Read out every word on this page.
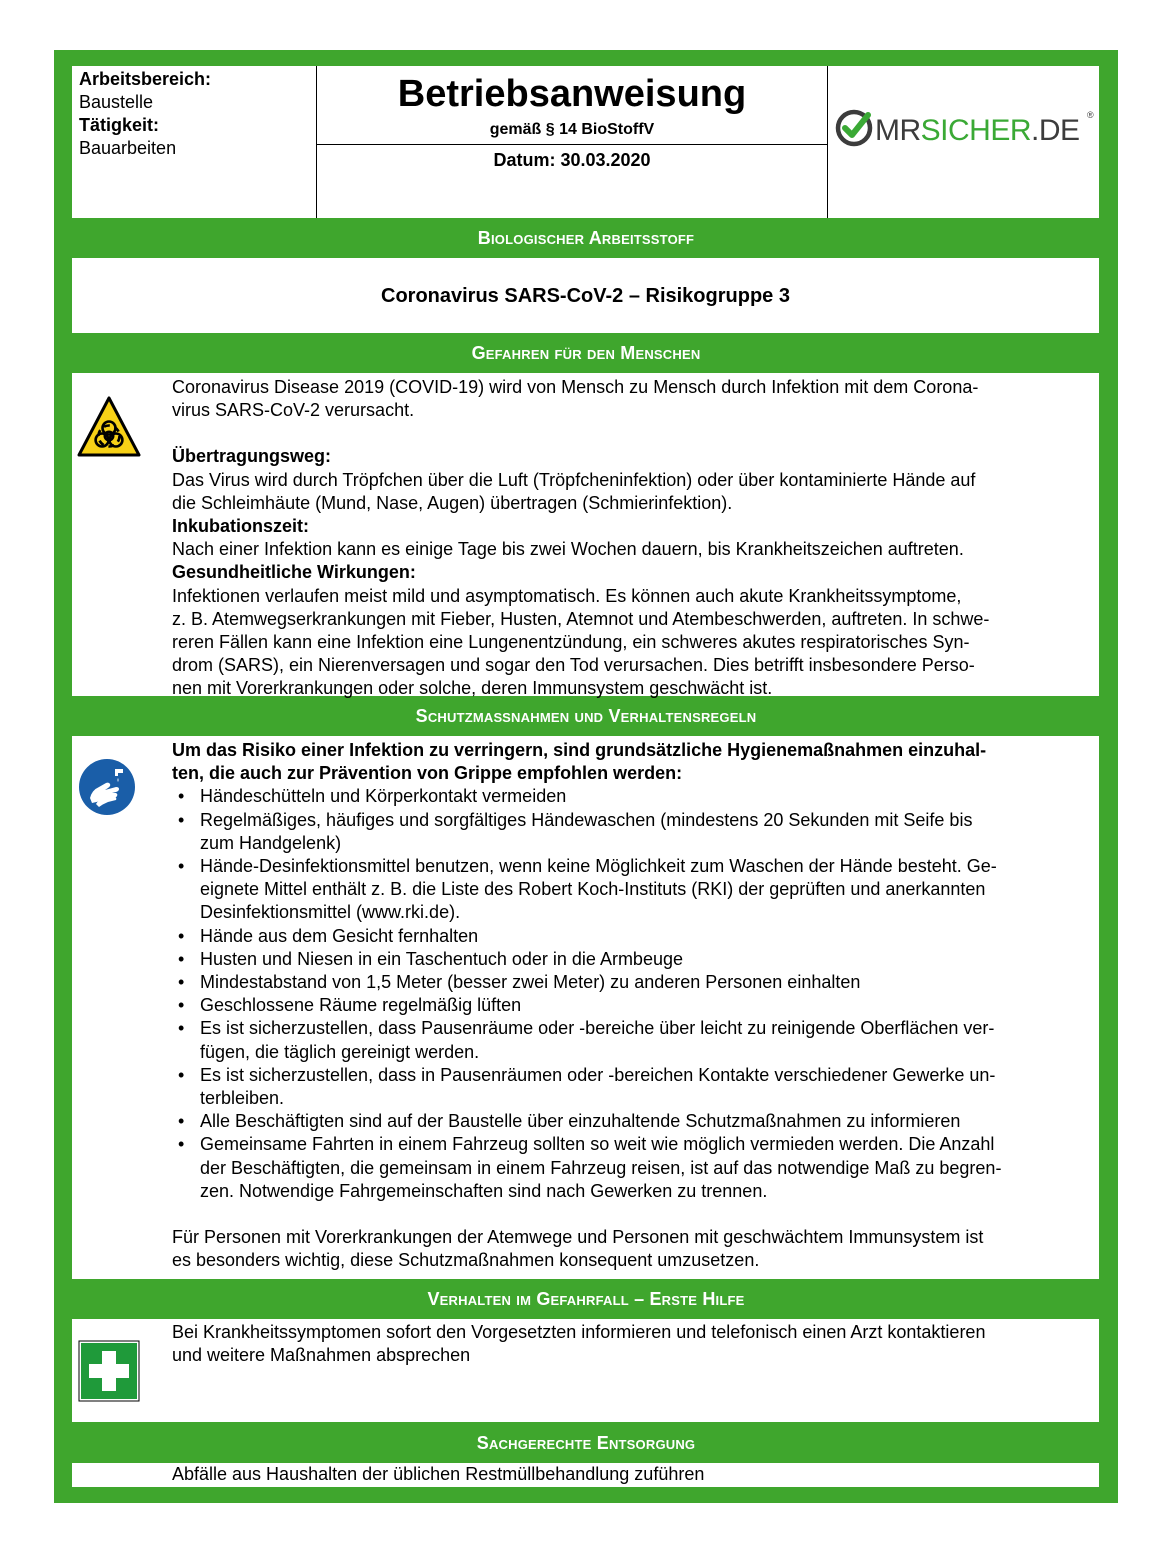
Arbeitsbereich:
Baustelle
Tätigkeit:
Bauarbeiten
Betriebsanweisung
gemäß § 14 BioStoffV
Datum: 30.03.2020
MRSICHER.DE ®
Biologischer Arbeitsstoff
Coronavirus SARS-CoV-2 – Risikogruppe 3
Gefahren für den Menschen

Coronavirus Disease 2019 (COVID-19) wird von Mensch zu Mensch durch Infektion mit dem Corona-

virus SARS-CoV-2 verursacht.

Übertragungsweg:

Das Virus wird durch Tröpfchen über die Luft (Tröpfcheninfektion) oder über kontaminierte Hände auf

die Schleimhäute (Mund, Nase, Augen) übertragen (Schmierinfektion).

Inkubationszeit:

Nach einer Infektion kann es einige Tage bis zwei Wochen dauern, bis Krankheitszeichen auftreten.

Gesundheitliche Wirkungen:

Infektionen verlaufen meist mild und asymptomatisch. Es können auch akute Krankheitssymptome,

z. B. Atemwegserkrankungen mit Fieber, Husten, Atemnot und Atembeschwerden, auftreten. In schwe-

reren Fällen kann eine Infektion eine Lungenentzündung, ein schweres akutes respiratorisches Syn-

drom (SARS), ein Nierenversagen und sogar den Tod verursachen. Dies betrifft insbesondere Perso-

nen mit Vorerkrankungen oder solche, deren Immunsystem geschwächt ist.

Schutzmaßnahmen und Verhaltensregeln

Um das Risiko einer Infektion zu verringern, sind grundsätzliche Hygienemaßnahmen einzuhal-

ten, die auch zur Prävention von Grippe empfohlen werden:

• Händeschütteln und Körperkontakt vermeiden
• Regelmäßiges, häufiges und sorgfältiges Händewaschen (mindestens 20 Sekunden mit Seife bis
zum Handgelenk)
• Hände-Desinfektionsmittel benutzen, wenn keine Möglichkeit zum Waschen der Hände besteht. Ge-
eignete Mittel enthält z. B. die Liste des Robert Koch-Instituts (RKI) der geprüften und anerkannten
Desinfektionsmittel (www.rki.de).
• Hände aus dem Gesicht fernhalten
• Husten und Niesen in ein Taschentuch oder in die Armbeuge
• Mindestabstand von 1,5 Meter (besser zwei Meter) zu anderen Personen einhalten
• Geschlossene Räume regelmäßig lüften
• Es ist sicherzustellen, dass Pausenräume oder -bereiche über leicht zu reinigende Oberflächen ver-
fügen, die täglich gereinigt werden.
• Es ist sicherzustellen, dass in Pausenräumen oder -bereichen Kontakte verschiedener Gewerke un-
terbleiben.
• Alle Beschäftigten sind auf der Baustelle über einzuhaltende Schutzmaßnahmen zu informieren
• Gemeinsame Fahrten in einem Fahrzeug sollten so weit wie möglich vermieden werden. Die Anzahl
der Beschäftigten, die gemeinsam in einem Fahrzeug reisen, ist auf das notwendige Maß zu begren-
zen. Notwendige Fahrgemeinschaften sind nach Gewerken zu trennen.

Für Personen mit Vorerkrankungen der Atemwege und Personen mit geschwächtem Immunsystem ist

es besonders wichtig, diese Schutzmaßnahmen konsequent umzusetzen.

Verhalten im Gefahrfall – Erste Hilfe

Bei Krankheitssymptomen sofort den Vorgesetzten informieren und telefonisch einen Arzt kontaktieren

und weitere Maßnahmen absprechen

Sachgerechte Entsorgung
Abfälle aus Haushalten der üblichen Restmüllbehandlung zuführen
